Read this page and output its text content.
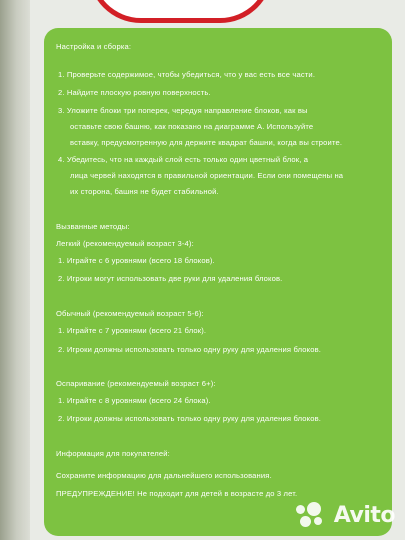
Настройка и сборка:
1. Проверьте содержимое, чтобы убедиться, что у вас есть все части.
2. Найдите плоскую ровную поверхность.
3. Уложите блоки три поперек, чередуя направление блоков, как вы
оставьте свою башню, как показано на диаграмме А. Используйте
вставку, предусмотренную для держите квадрат башни, когда вы строите.
4. Убедитесь, что на каждый слой есть только один цветный блок, а
лица червей находятся в правильной ориентации. Если они помещены на
их сторона, башня не будет стабильной.
Вызванные методы:
Легкий (рекомендуемый возраст 3-4):
1. Играйте с 6 уровнями (всего 18 блоков).
2. Игроки могут использовать две руки для удаления блоков.
Обычный (рекомендуемый возраст 5-6):
1. Играйте с 7 уровнями (всего 21 блок).
2. Игроки должны использовать только одну руку для удаления блоков.
Оспаривание (рекомендуемый возраст 6+):
1. Играйте с 8 уровнями (всего 24 блока).
2. Игроки должны использовать только одну руку для удаления блоков.
Информация для покупателей:
Сохраните информацию для дальнейшего использования.
ПРЕДУПРЕЖДЕНИЕ! Не подходит для детей в возрасте до 3 лет.
Avito
